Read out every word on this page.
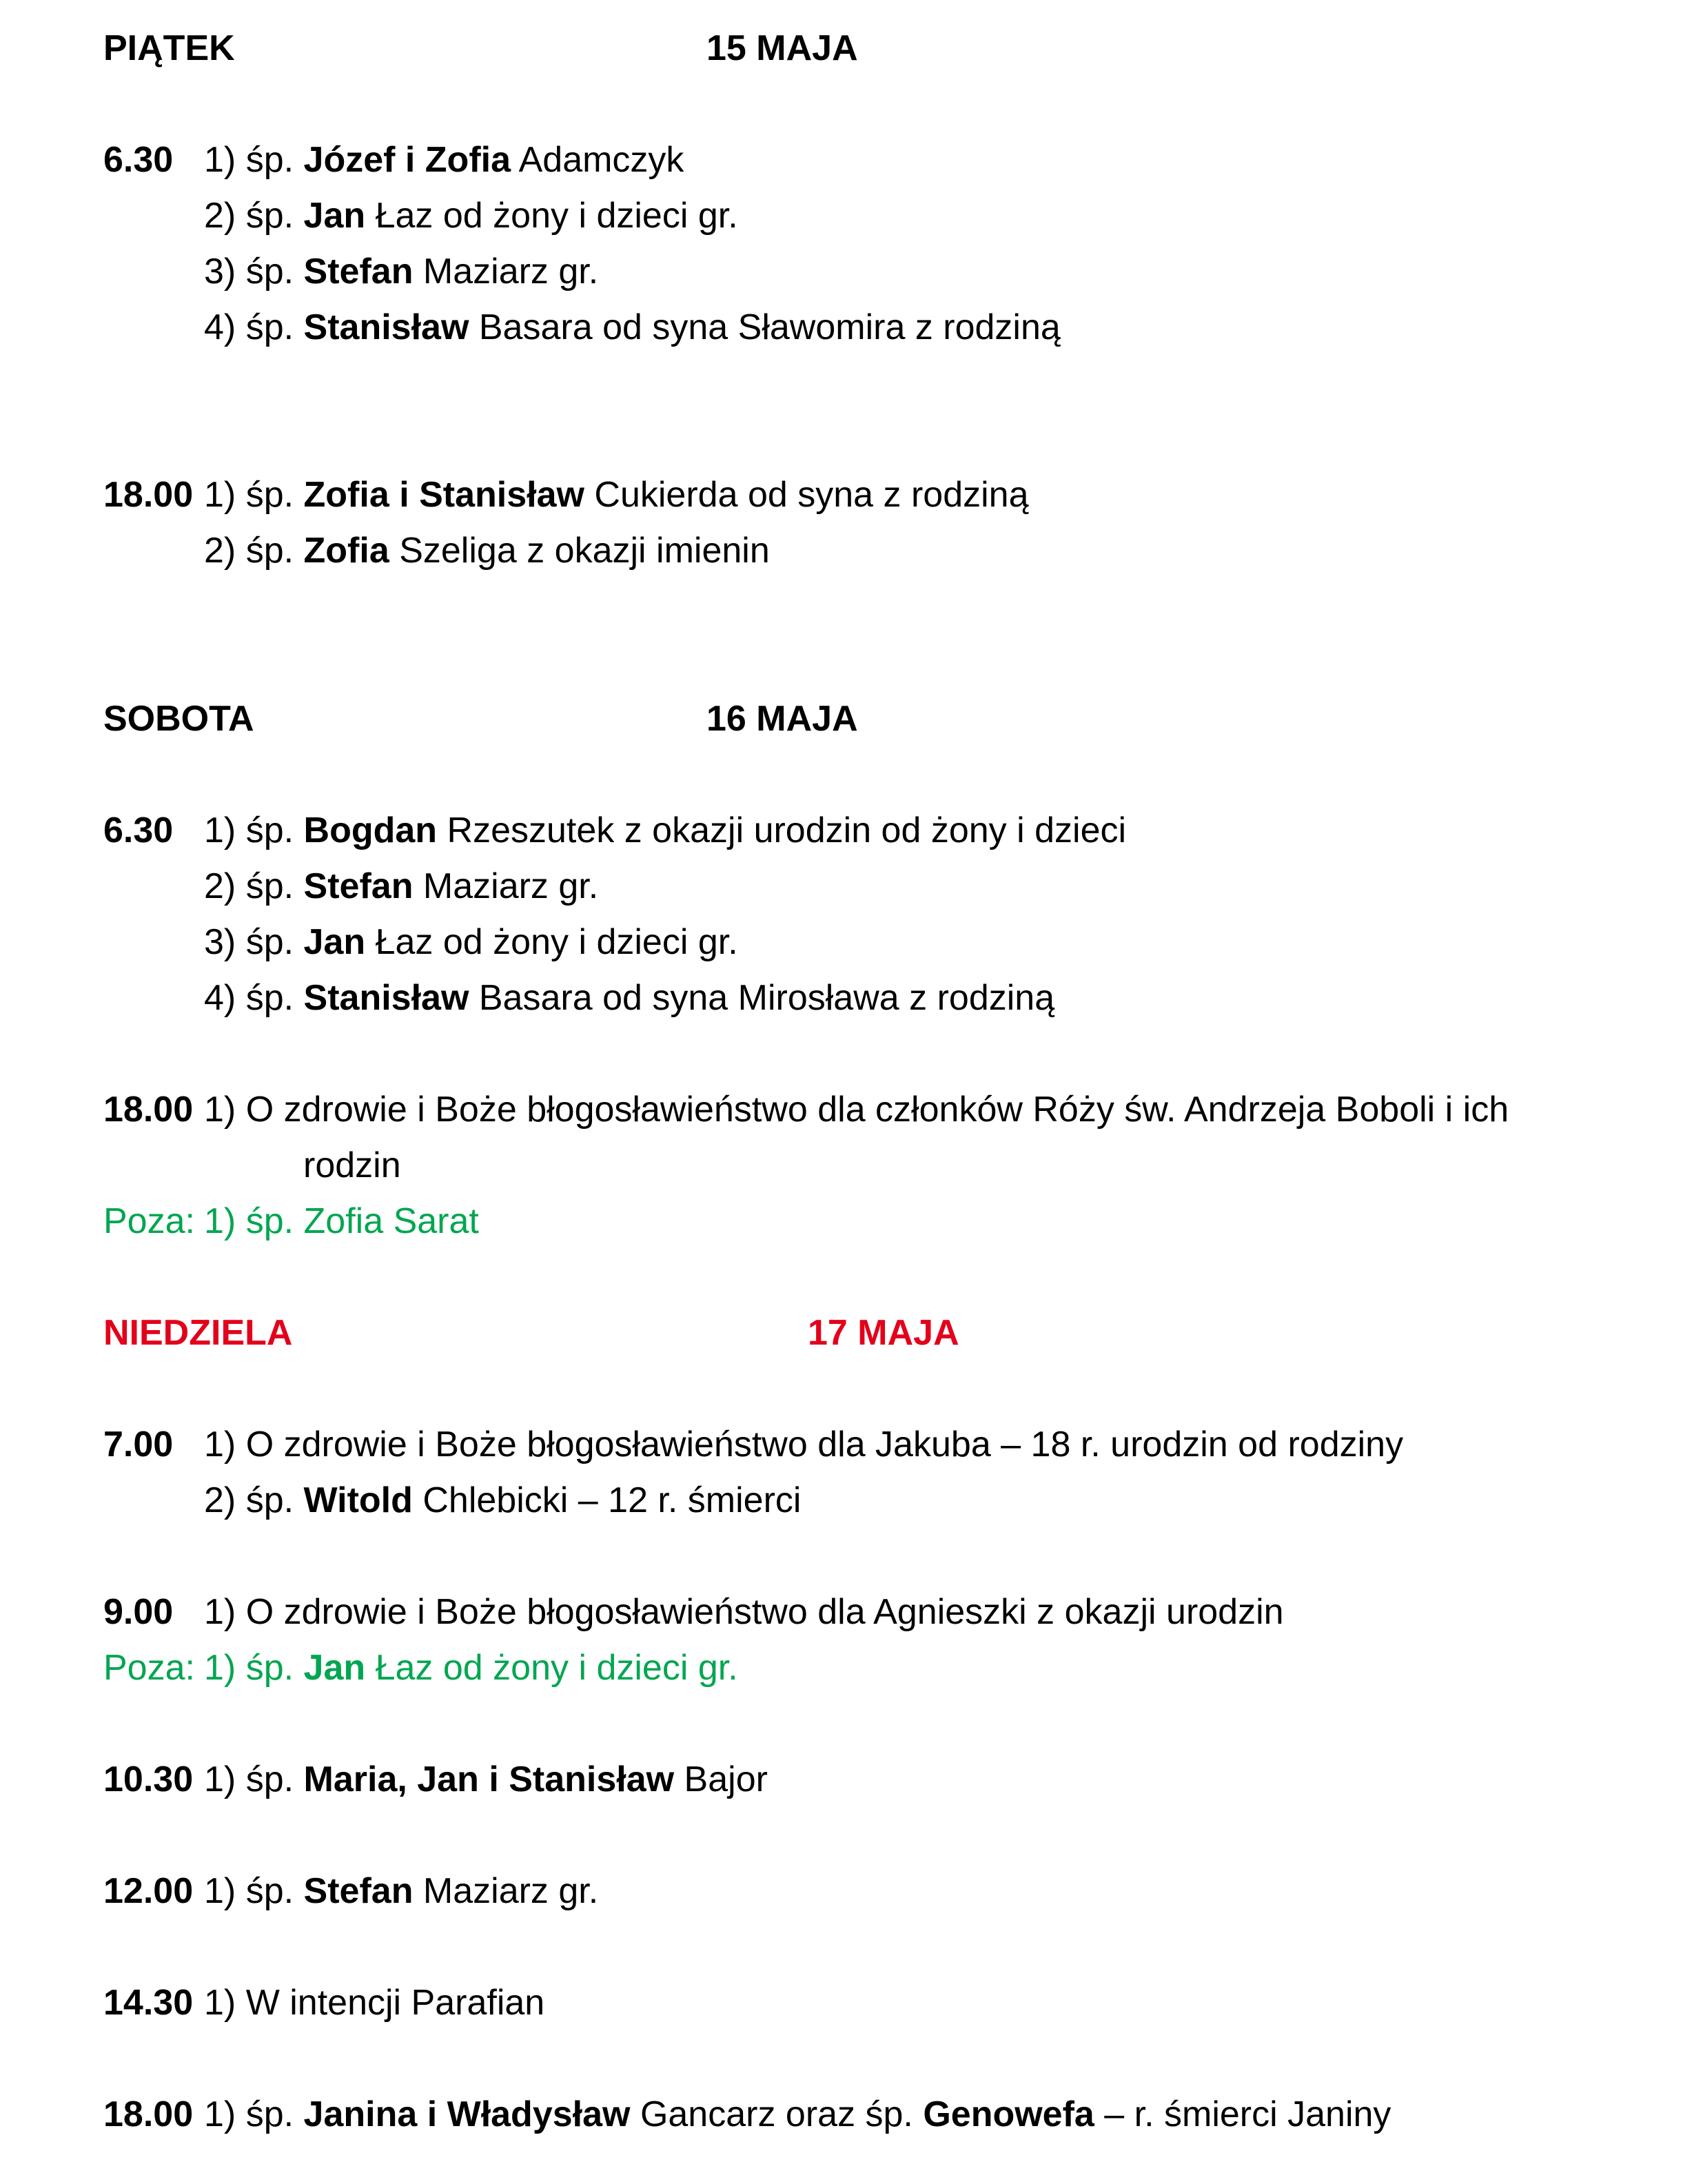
PIĄTEK	15 MAJA
6.30 1) śp. Józef i Zofia Adamczyk
2) śp. Jan Łaz od żony i dzieci gr.
3) śp. Stefan Maziarz gr.
4) śp. Stanisław Basara od syna Sławomira z rodziną
18.00 1) śp. Zofia i Stanisław Cukierda od syna z rodziną
2) śp. Zofia Szeliga z okazji imienin
SOBOTA	16 MAJA
6.30 1) śp. Bogdan Rzeszutek z okazji urodzin od żony i dzieci
2) śp. Stefan Maziarz gr.
3) śp. Jan Łaz od żony i dzieci gr.
4) śp. Stanisław Basara od syna Mirosława z rodziną
18.00 1) O zdrowie i Boże błogosławieństwo dla członków Róży św. Andrzeja Boboli i ich
rodzin
Poza: 1) śp. Zofia Sarat
NIEDZIELA	17 MAJA
7.00 1) O zdrowie i Boże błogosławieństwo dla Jakuba – 18 r. urodzin od rodziny
2) śp. Witold Chlebicki – 12 r. śmierci
9.00 1) O zdrowie i Boże błogosławieństwo dla Agnieszki z okazji urodzin
Poza: 1) śp. Jan Łaz od żony i dzieci gr.
10.30 1) śp. Maria, Jan i Stanisław Bajor
12.00 1) śp. Stefan Maziarz gr.
14.30 1) W intencji Parafian
18.00 1) śp. Janina i Władysław Gancarz oraz śp. Genowefa – r. śmierci Janiny
